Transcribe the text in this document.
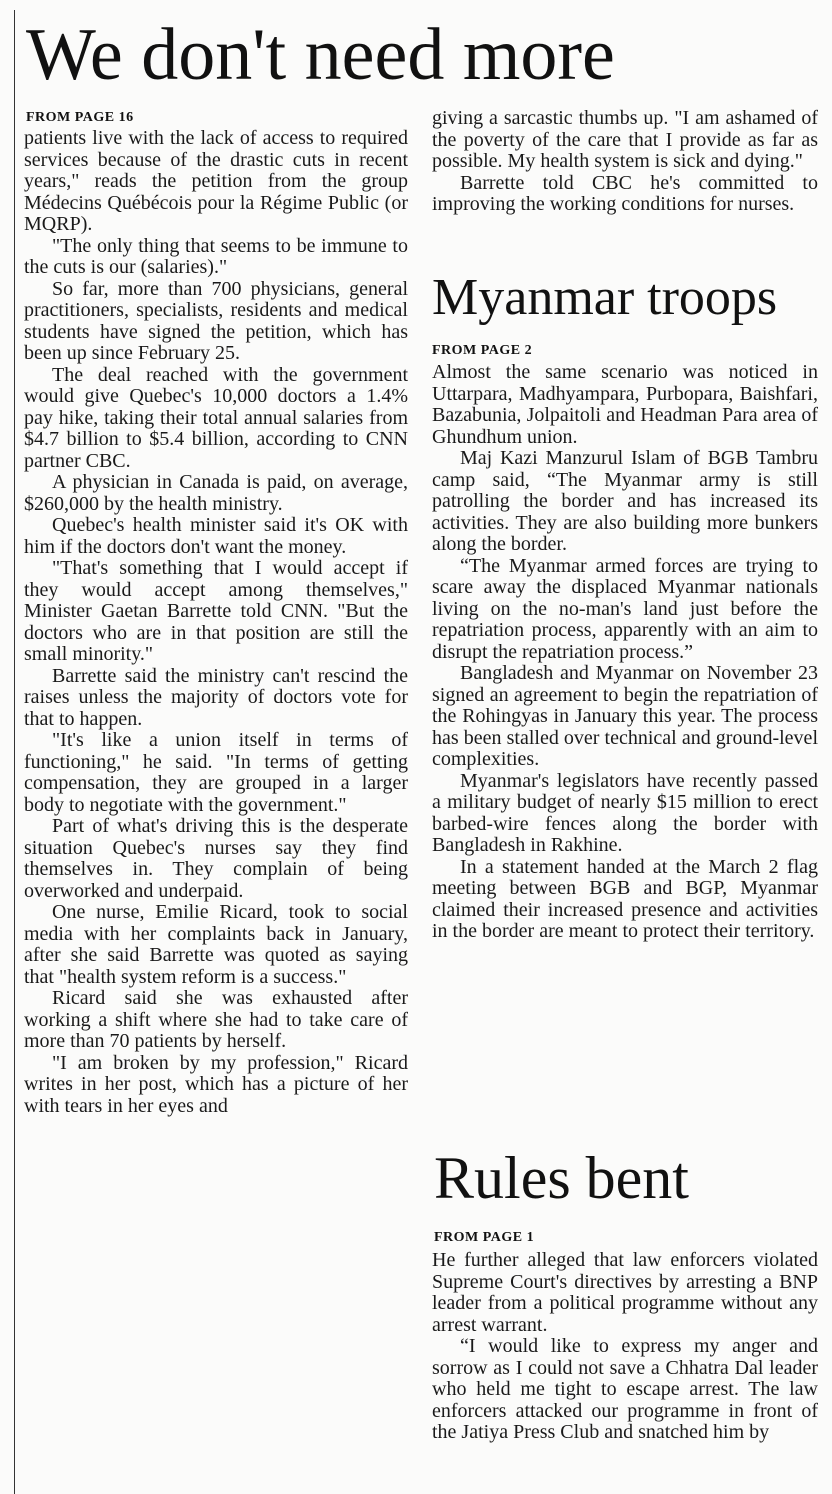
We don't need more
FROM PAGE 16

patients live with the lack of access to required services because of the drastic cuts in recent years," reads the petition from the group Médecins Québécois pour la Régime Public (or MQRP).

"The only thing that seems to be immune to the cuts is our (salaries)."

So far, more than 700 physicians, general practitioners, specialists, residents and medical students have signed the petition, which has been up since February 25.

The deal reached with the government would give Quebec's 10,000 doctors a 1.4% pay hike, taking their total annual salaries from $4.7 billion to $5.4 billion, according to CNN partner CBC.

A physician in Canada is paid, on average, $260,000 by the health ministry.

Quebec's health minister said it's OK with him if the doctors don't want the money.

"That's something that I would accept if they would accept among themselves," Minister Gaetan Barrette told CNN. "But the doctors who are in that position are still the small minority."

Barrette said the ministry can't rescind the raises unless the majority of doctors vote for that to happen.

"It's like a union itself in terms of functioning," he said. "In terms of getting compensation, they are grouped in a larger body to negotiate with the government."

Part of what's driving this is the desperate situation Quebec's nurses say they find themselves in. They complain of being overworked and underpaid.

One nurse, Emilie Ricard, took to social media with her complaints back in January, after she said Barrette was quoted as saying that "health system reform is a success."

Ricard said she was exhausted after working a shift where she had to take care of more than 70 patients by herself.

"I am broken by my profession," Ricard writes in her post, which has a picture of her with tears in her eyes and

giving a sarcastic thumbs up. "I am ashamed of the poverty of the care that I provide as far as possible. My health system is sick and dying."

Barrette told CBC he's committed to improving the working conditions for nurses.

Myanmar troops
FROM PAGE 2

Almost the same scenario was noticed in Uttarpara, Madhyampara, Purbopara, Baishfari, Bazabunia, Jolpaitoli and Headman Para area of Ghundhum union.

Maj Kazi Manzurul Islam of BGB Tambru camp said, “The Myanmar army is still patrolling the border and has increased its activities. They are also building more bunkers along the border.

“The Myanmar armed forces are trying to scare away the displaced Myanmar nationals living on the no-man's land just before the repatriation process, apparently with an aim to disrupt the repatriation process.”

Bangladesh and Myanmar on November 23 signed an agreement to begin the repatriation of the Rohingyas in January this year. The process has been stalled over technical and ground-level complexities.

Myanmar's legislators have recently passed a military budget of nearly $15 million to erect barbed-wire fences along the border with Bangladesh in Rakhine.

In a statement handed at the March 2 flag meeting between BGB and BGP, Myanmar claimed their increased presence and activities in the border are meant to protect their territory.

Rules bent
FROM PAGE 1

He further alleged that law enforcers violated Supreme Court's directives by arresting a BNP leader from a political programme without any arrest warrant.

“I would like to express my anger and sorrow as I could not save a Chhatra Dal leader who held me tight to escape arrest. The law enforcers attacked our programme in front of the Jatiya Press Club and snatched him by
